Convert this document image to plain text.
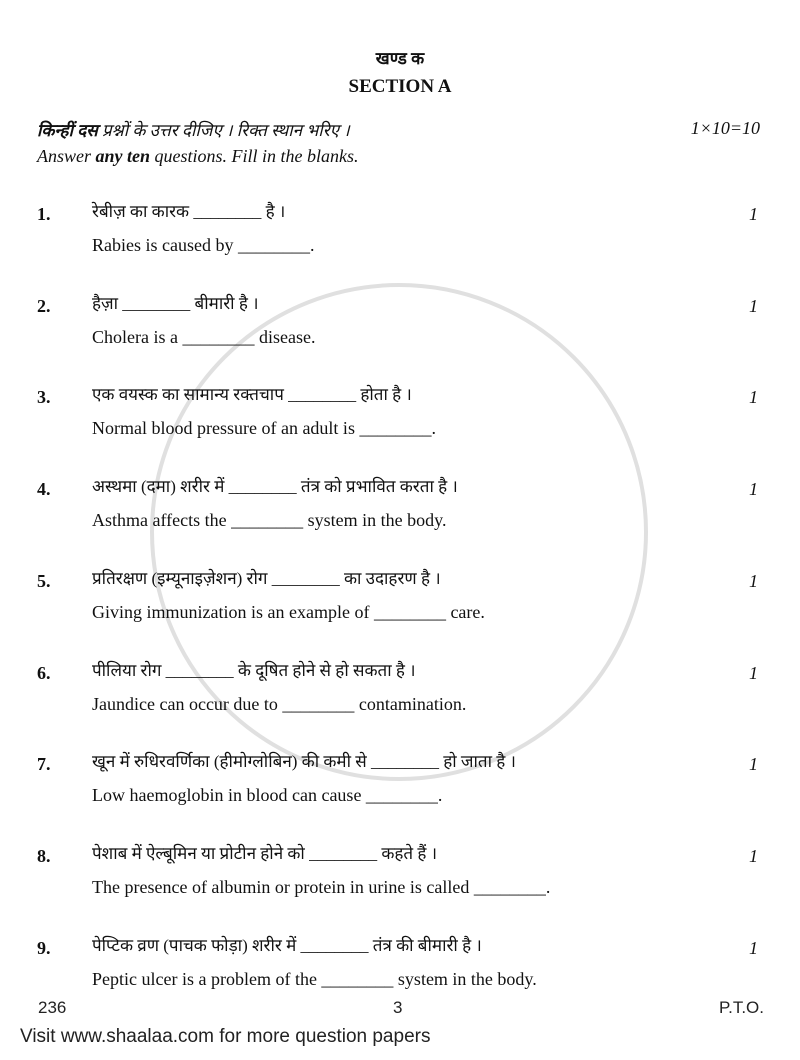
खण्ड क
SECTION A
किन्हीं दस प्रश्नों के उत्तर दीजिए । रिक्त स्थान भरिए ।	1×10=10
Answer any ten questions. Fill in the blanks.
1. रेबीज़ का कारक ________ है ।
Rabies is caused by ________.
1
2. हैज़ा ________ बीमारी है ।
Cholera is a ________ disease.
1
3. एक वयस्क का सामान्य रक्तचाप ________ होता है ।
Normal blood pressure of an adult is ________.
1
4. अस्थमा (दमा) शरीर में ________ तंत्र को प्रभावित करता है ।
Asthma affects the ________ system in the body.
1
5. प्रतिरक्षण (इम्यूनाइज़ेशन) रोग ________ का उदाहरण है ।
Giving immunization is an example of ________ care.
1
6. पीलिया रोग ________ के दूषित होने से हो सकता है ।
Jaundice can occur due to ________ contamination.
1
7. खून में रुधिरवर्णिका (हीमोग्लोबिन) की कमी से ________ हो जाता है ।
Low haemoglobin in blood can cause ________.
1
8. पेशाब में ऐल्बूमिन या प्रोटीन होने को ________ कहते हैं ।
The presence of albumin or protein in urine is called ________.
1
9. पेप्टिक व्रण (पाचक फोड़ा) शरीर में ________ तंत्र की बीमारी है ।
Peptic ulcer is a problem of the ________ system in the body.
1
236	3	P.T.O.
Visit www.shaalaa.com for more question papers
